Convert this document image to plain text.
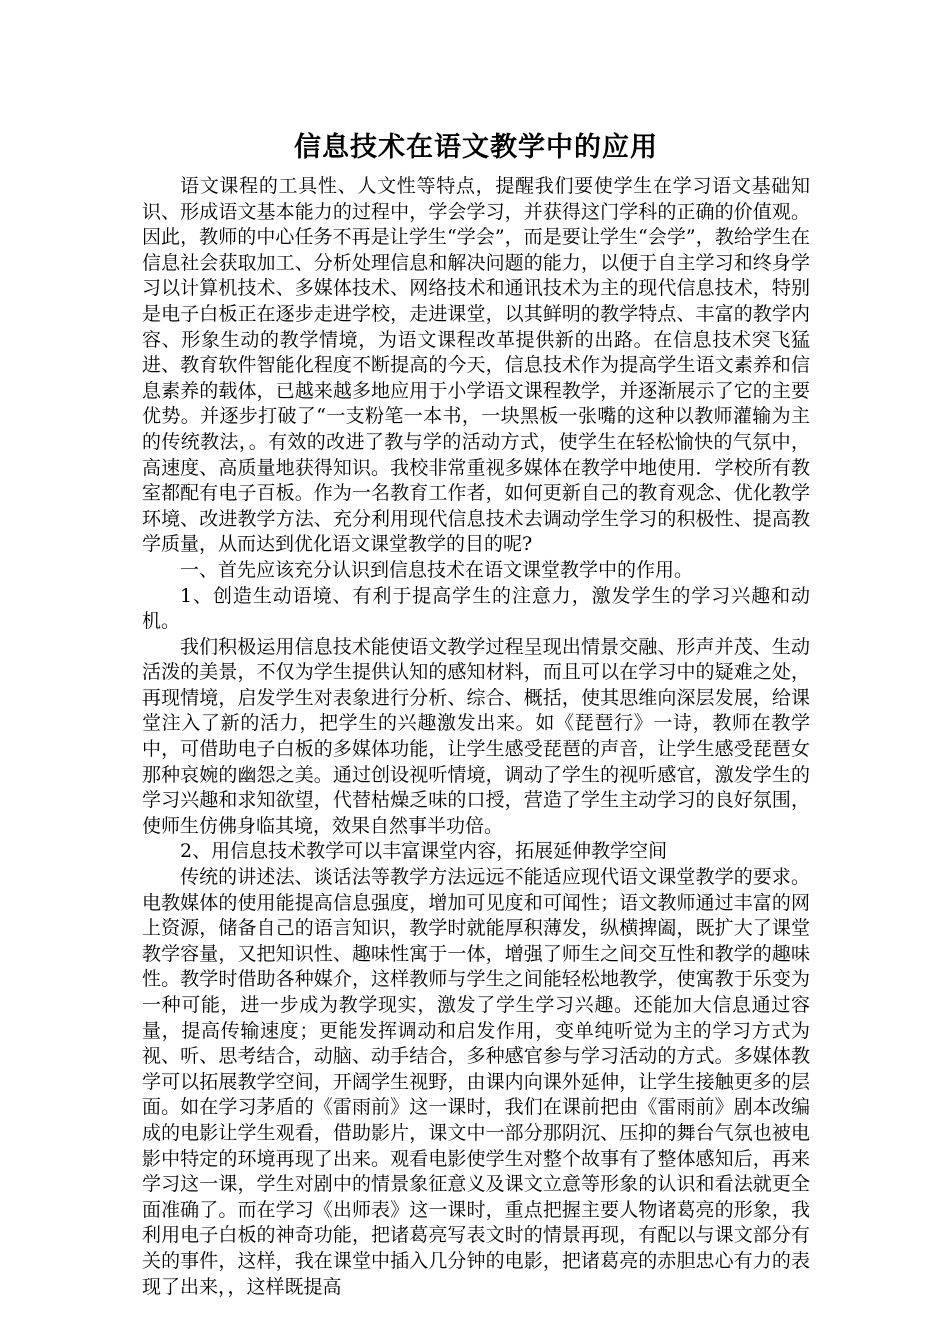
信息技术在语文教学中的应用

语文课程的工具性、人文性等特点，提醒我们要使学生在学习语文基础知识、形成语文基本能力的过程中，学会学习，并获得这门学科的正确的价值观。因此，教师的中心任务不再是让学生“学会”，而是要让学生“会学”，教给学生在信息社会获取加工、分析处理信息和解决问题的能力，以便于自主学习和终身学习以计算机技术、多媒体技术、网络技术和通讯技术为主的现代信息技术，特别是电子白板正在逐步走进学校，走进课堂，以其鲜明的教学特点、丰富的教学内容、形象生动的教学情境，为语文课程改革提供新的出路。在信息技术突飞猛进、教育软件智能化程度不断提高的今天，信息技术作为提高学生语文素养和信息素养的载体，已越来越多地应用于小学语文课程教学，并逐渐展示了它的主要优势。并逐步打破了“一支粉笔一本书，一块黑板一张嘴的这种以教师灌输为主的传统教法，。有效的改进了教与学的活动方式，使学生在轻松愉快的气氛中，高速度、高质量地获得知识。我校非常重视多媒体在教学中地使用．学校所有教室都配有电子百板。作为一名教育工作者，如何更新自己的教育观念、优化教学环境、改进教学方法、充分利用现代信息技术去调动学生学习的积极性、提高教学质量，从而达到优化语文课堂教学的目的呢?

一、首先应该充分认识到信息技术在语文课堂教学中的作用。

1、创造生动语境、有利于提高学生的注意力，激发学生的学习兴趣和动机。

我们积极运用信息技术能使语文教学过程呈现出情景交融、形声并茂、生动活泼的美景，不仅为学生提供认知的感知材料，而且可以在学习中的疑难之处，再现情境，启发学生对表象进行分析、综合、概括，使其思维向深层发展，给课堂注入了新的活力，把学生的兴趣激发出来。如《琵琶行》一诗，教师在教学中，可借助电子白板的多媒体功能，让学生感受琵琶的声音，让学生感受琵琶女那种哀婉的幽怨之美。通过创设视听情境，调动了学生的视听感官，激发学生的学习兴趣和求知欲望，代替枯燥乏味的口授，营造了学生主动学习的良好氛围，使师生仿佛身临其境，效果自然事半功倍。

2、用信息技术教学可以丰富课堂内容，拓展延伸教学空间

传统的讲述法、谈话法等教学方法远远不能适应现代语文课堂教学的要求。电教媒体的使用能提高信息强度，增加可见度和可闻性；语文教师通过丰富的网上资源，储备自己的语言知识，教学时就能厚积薄发，纵横捭阖，既扩大了课堂教学容量，又把知识性、趣味性寓于一体，增强了师生之间交互性和教学的趣味性。教学时借助各种媒介，这样教师与学生之间能轻松地教学，使寓教于乐变为一种可能，进一步成为教学现实，激发了学生学习兴趣。还能加大信息通过容量，提高传输速度；更能发挥调动和启发作用，变单纯听觉为主的学习方式为视、听、思考结合，动脑、动手结合，多种感官参与学习活动的方式。多媒体教学可以拓展教学空间，开阔学生视野，由课内向课外延伸，让学生接触更多的层面。如在学习茅盾的《雷雨前》这一课时，我们在课前把由《雷雨前》剧本改编成的电影让学生观看，借助影片，课文中一部分那阴沉、压抑的舞台气氛也被电影中特定的环境再现了出来。观看电影使学生对整个故事有了整体感知后，再来学习这一课，学生对剧中的情景象征意义及课文立意等形象的认识和看法就更全面准确了。而在学习《出师表》这一课时，重点把握主要人物诸葛亮的形象，我利用电子白板的神奇功能，把诸葛亮写表文时的情景再现，有配以与课文部分有关的事件，这样，我在课堂中插入几分钟的电影，把诸葛亮的赤胆忠心有力的表现了出来，，这样既提高
